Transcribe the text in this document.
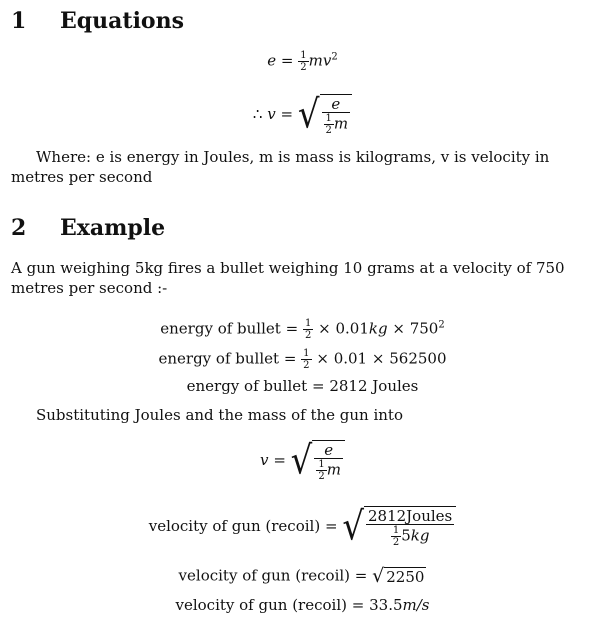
1 Equations
$e = \frac{1}{2} mv^2$
∴ v = √ $\frac{e}{\frac{1}{2} m}$

Where: e is energy in Joules, m is mass is kilograms, v is velocity in metres per second

2 Example

A gun weighing 5kg fires a bullet weighing 10 grams at a velocity of 750 metres per second :-

energy of bullet = $\frac{1}{2} \times 0.01kg \times 750^2$
energy of bullet = $\frac{1}{2} \times 0.01 \times 562500$
energy of bullet = 2812 Joules

Substituting Joules and the mass of the gun into

v = √ $\frac{e}{\frac{1}{2} m}$
velocity of gun (recoil) = √ $\frac{\text{2812Joules}}{\frac{1}{2} 5kg}$
velocity of gun (recoil) = √ 2250
velocity of gun (recoil) = 33.5m/s
